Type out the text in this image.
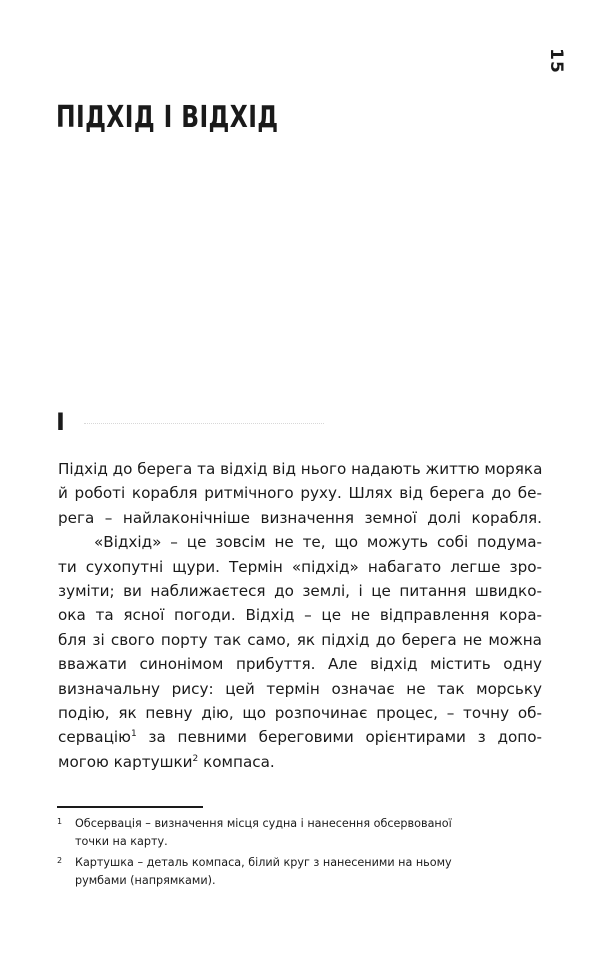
15
ПІДХІД І ВІДХІД
I
Підхід до берега та відхід від нього надають життю моряка
й роботі корабля ритмічного руху. Шлях від берега до бе-
рега – найлаконічніше визначення земної долі корабля.
«Відхід» – це зовсім не те, що можуть собі подума-
ти сухопутні щури. Термін «підхід» набагато легше зро-
зуміти; ви наближаєтеся до землі, і це питання швидко-
ока та ясної погоди. Відхід – це не відправлення кора-
бля зі свого порту так само, як підхід до берега не можна
вважати синонімом прибуття. Але відхід містить одну
визначальну рису: цей термін означає не так морську
подію, як певну дію, що розпочинає процес, – точну об-
сервацію$^1$ за певними береговими орієнтирами з допо-
могою картушки$^2$ компаса.
1 Обсервація – визначення місця судна і нанесення обсервованої
точки на карту.
2 Картушка – деталь компаса, білий круг з нанесеними на ньому
румбами (напрямками).
